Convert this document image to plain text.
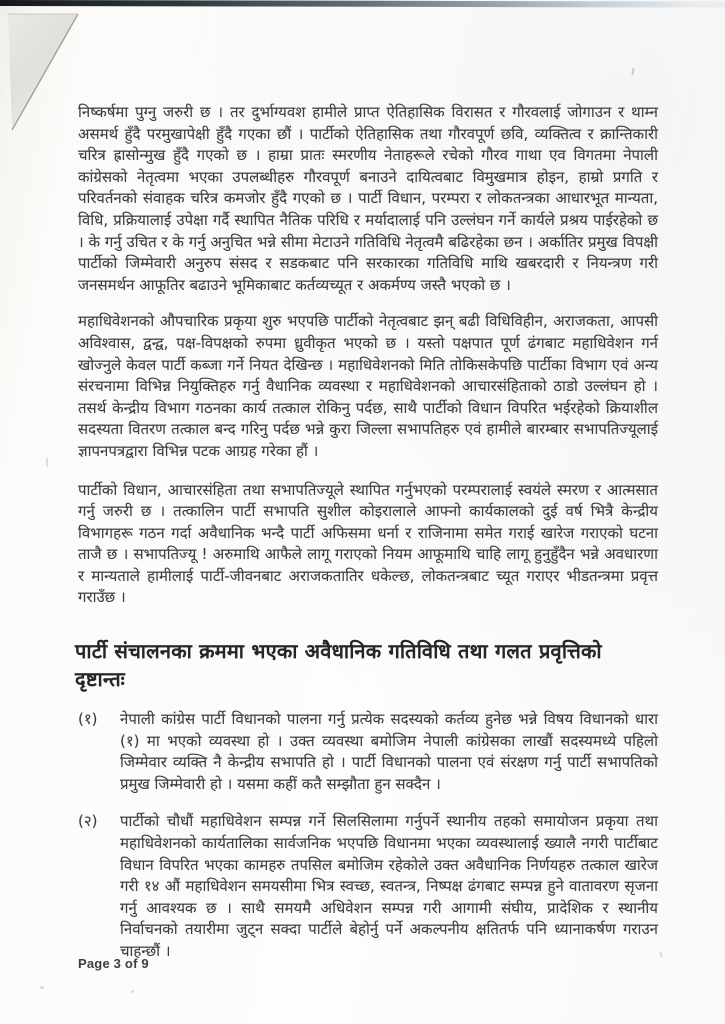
निष्कर्षमा पुग्नु जरुरी छ । तर दुर्भाग्यवश हामीले प्राप्त ऐतिहासिक विरासत र गौरवलाई जोगाउन र थाम्न असमर्थ हुँदै परमुखापेक्षी हुँदै गएका छौं । पार्टीको ऐतिहासिक तथा गौरवपूर्ण छवि, व्यक्तित्व र क्रान्तिकारी चरित्र ह्रासोन्मुख हुँदै गएको छ । हाम्रा प्रातः स्मरणीय नेताहरूले रचेको गौरव गाथा एव विगतमा नेपाली कांग्रेसको नेतृत्वमा भएका उपलब्धीहरु गौरवपूर्ण बनाउने दायित्वबाट विमुखमात्र होइन, हाम्रो प्रगति र परिवर्तनको संवाहक चरित्र कमजोर हुँदै गएको छ । पार्टी विधान, परम्परा र लोकतन्त्रका आधारभूत मान्यता, विधि, प्रक्रियालाई उपेक्षा गर्दै स्थापित नैतिक परिधि र मर्यादालाई पनि उल्लंघन गर्ने कार्यले प्रश्रय पाईरहेको छ । के गर्नु उचित र के गर्नु अनुचित भन्ने सीमा मेटाउने गतिविधि नेतृत्वमै बढिरहेका छन । अर्कातिर प्रमुख विपक्षी पार्टीको जिम्मेवारी अनुरुप संसद र सडकबाट पनि सरकारका गतिविधि माथि खबरदारी र नियन्त्रण गरी जनसमर्थन आफूतिर बढाउने भूमिकाबाट कर्तव्यच्यूत र अकर्मण्य जस्तै भएको छ ।

महाधिवेशनको औपचारिक प्रकृया शुरु भएपछि पार्टीको नेतृत्वबाट झन् बढी विधिविहीन, अराजकता, आपसी अविश्वास, द्वन्द्व, पक्ष-विपक्षको रुपमा ध्रुवीकृत भएको छ । यस्तो पक्षपात पूर्ण ढंगबाट महाधिवेशन गर्न खोज्नुले केवल पार्टी कब्जा गर्ने नियत देखिन्छ । महाधिवेशनको मिति तोकिसकेपछि पार्टीका विभाग एवं अन्य संरचनामा विभिन्न नियुक्तिहरु गर्नु वैधानिक व्यवस्था र महाधिवेशनको आचारसंहिताको ठाडो उल्लंघन हो । तसर्थ केन्द्रीय विभाग गठनका कार्य तत्काल रोकिनु पर्दछ, साथै पार्टीको विधान विपरित भईरहेको क्रियाशील सदस्यता वितरण तत्काल बन्द गरिनु पर्दछ भन्ने कुरा जिल्ला सभापतिहरु एवं हामीले बारम्बार सभापतिज्यूलाई ज्ञापनपत्रद्वारा विभिन्न पटक आग्रह गरेका हौं ।

पार्टीको विधान, आचारसंहिता तथा सभापतिज्यूले स्थापित गर्नुभएको परम्परालाई स्वयंले स्मरण र आत्मसात गर्नु जरुरी छ । तत्कालिन पार्टी सभापति सुशील कोइरालाले आफ्नो कार्यकालको दुई वर्ष भित्रै केन्द्रीय विभागहरू गठन गर्दा अवैधानिक भन्दै पार्टी अफिसमा धर्ना र राजिनामा समेत गराई खारेज गराएको घटना ताजै छ । सभापतिज्यू ! अरुमाथि आफैले लागू गराएको नियम आफूमाथि चाहि लागू हुनुहुँदैन भन्ने अवधारणा र मान्यताले हामीलाई पार्टी-जीवनबाट अराजकतातिर धकेल्छ, लोकतन्त्रबाट च्यूत गराएर भीडतन्त्रमा प्रवृत्त गराउँछ ।

पार्टी संचालनका क्रममा भएका अवैधानिक गतिविधि तथा गलत प्रवृत्तिको दृष्टान्तः
(१)	नेपाली कांग्रेस पार्टी विधानको पालना गर्नु प्रत्येक सदस्यको कर्तव्य हुनेछ भन्ने विषय विधानको धारा (१) मा भएको व्यवस्था हो । उक्त व्यवस्था बमोजिम नेपाली कांग्रेसका लाखौं सदस्यमध्ये पहिलो जिम्मेवार व्यक्ति नै केन्द्रीय सभापति हो । पार्टी विधानको पालना एवं संरक्षण गर्नु पार्टी सभापतिको प्रमुख जिम्मेवारी हो । यसमा कहीं कतै सम्झौता हुन सक्दैन ।

(२)	पार्टीको चौधौं महाधिवेशन सम्पन्न गर्ने सिलसिलामा गर्नुपर्ने स्थानीय तहको समायोजन प्रकृया तथा महाधिवेशनको कार्यतालिका सार्वजनिक भएपछि विधानमा भएका व्यवस्थालाई ख्यालै नगरी पार्टीबाट विधान विपरित भएका कामहरु तपसिल बमोजिम रहेकोले उक्त अवैधानिक निर्णयहरु तत्काल खारेज गरी १४ औं महाधिवेशन समयसीमा भित्र स्वच्छ, स्वतन्त्र, निष्पक्ष ढंगबाट सम्पन्न हुने वातावरण सृजना गर्नु आवश्यक छ । साथै समयमै अधिवेशन सम्पन्न गरी आगामी संघीय, प्रादेशिक र स्थानीय निर्वाचनको तयारीमा जुट्न सक्दा पार्टीले बेहोर्नु पर्ने अकल्पनीय क्षतितर्फ पनि ध्यानाकर्षण गराउन चाहन्छौं ।

Page 3 of 9
